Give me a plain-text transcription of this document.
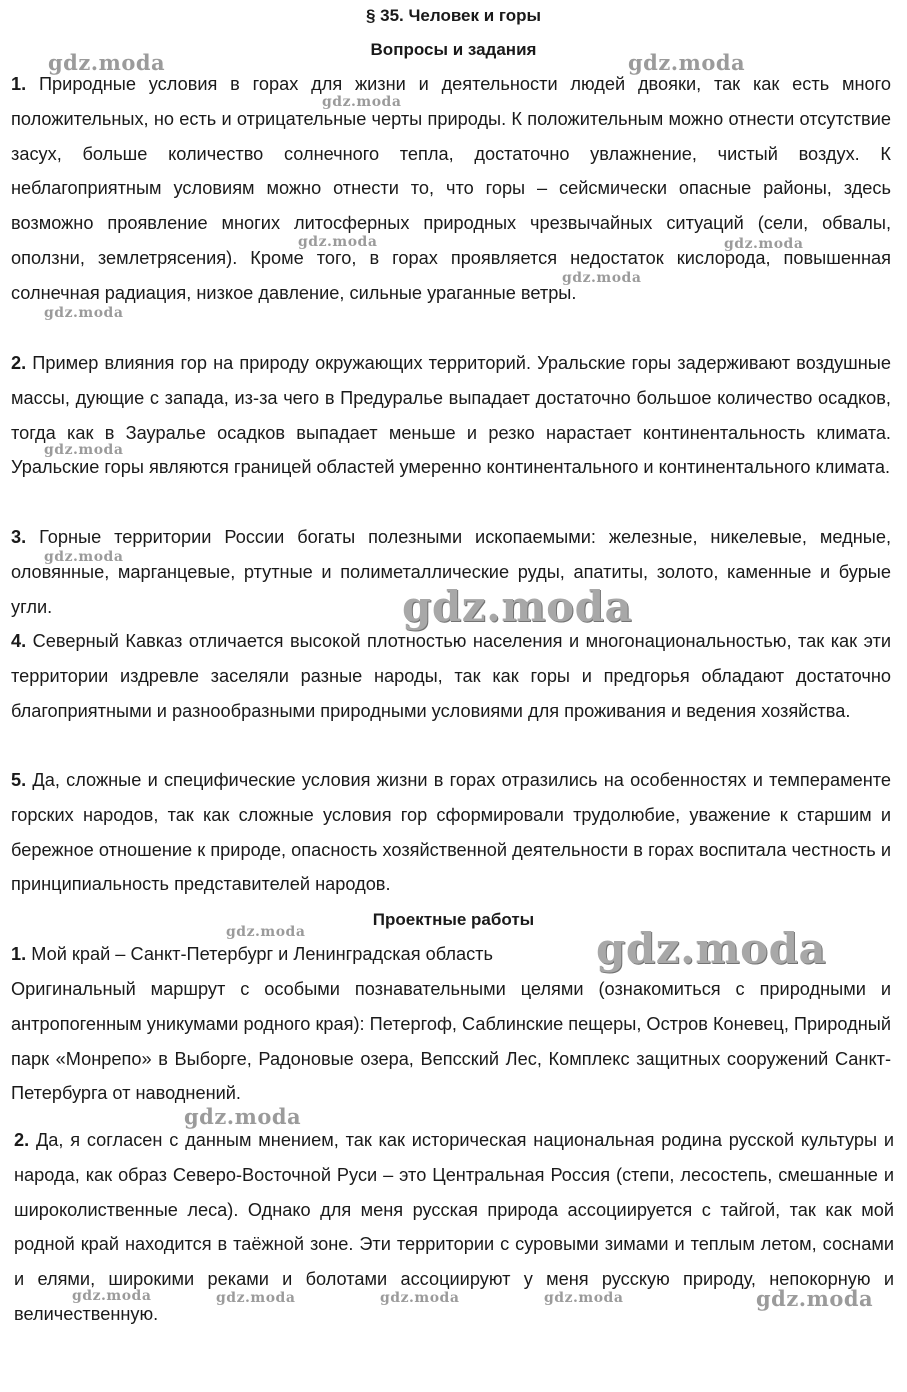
§ 35. Человек и горы
Вопросы и задания

1. Природные условия в горах для жизни и деятельности людей двояки, так как есть много положительных, но есть и отрицательные черты природы. К положительным можно отнести отсутствие засух, больше количество солнечного тепла, достаточно увлажнение, чистый воздух. К неблагоприятным условиям можно отнести то, что горы – сейсмически опасные районы, здесь возможно проявление многих литосферных природных чрезвычайных ситуаций (сели, обвалы, оползни, землетрясения). Кроме того, в горах проявляется недостаток кислорода, повышенная солнечная радиация, низкое давление, сильные ураганные ветры.

2. Пример влияния гор на природу окружающих территорий. Уральские горы задерживают воздушные массы, дующие с запада, из-за чего в Предуралье выпадает достаточно большое количество осадков, тогда как в Зауралье осадков выпадает меньше и резко нарастает континентальность климата. Уральские горы являются границей областей умеренно континентального и континентального климата.

3. Горные территории России богаты полезными ископаемыми: железные, никелевые, медные, оловянные, марганцевые, ртутные и полиметаллические руды, апатиты, золото, каменные и бурые угли.

4. Северный Кавказ отличается высокой плотностью населения и многонациональностью, так как эти территории издревле заселяли разные народы, так как горы и предгорья обладают достаточно благоприятными и разнообразными природными условиями для проживания и ведения хозяйства.

5. Да, сложные и специфические условия жизни в горах отразились на особенностях и темпераменте горских народов, так как сложные условия гор сформировали трудолюбие, уважение к старшим и бережное отношение к природе, опасность хозяйственной деятельности в горах воспитала честность и принципиальность представителей народов.

Проектные работы

1. Мой край – Санкт-Петербург и Ленинградская область

Оригинальный маршрут с особыми познавательными целями (ознакомиться с природными и антропогенным уникумами родного края): Петергоф, Саблинские пещеры, Остров Коневец, Природный парк «Монрепо» в Выборге, Радоновые озера, Вепсский Лес, Комплекс защитных сооружений Санкт-Петербурга от наводнений.

2. Да, я согласен с данным мнением, так как историческая национальная родина русской культуры и народа, как образ Северо-Восточной Руси – это Центральная Россия (степи, лесостепь, смешанные и широколиственные леса). Однако для меня русская природа ассоциируется с тайгой, так как мой родной край находится в таёжной зоне. Эти территории с суровыми зимами и теплым летом, соснами и елями, широкими реками и болотами ассоциируют у меня русскую природу, непокорную и величественную.

gdz.moda	gdz.moda
gdz.moda
gdz.moda	gdz.moda
gdz.moda
gdz.moda
gdz.moda
gdz.moda
gdz.moda
gdz.moda	gdz.moda
gdz.moda
gdz.moda	gdz.moda	gdz.moda	gdz.moda	gdz.moda
